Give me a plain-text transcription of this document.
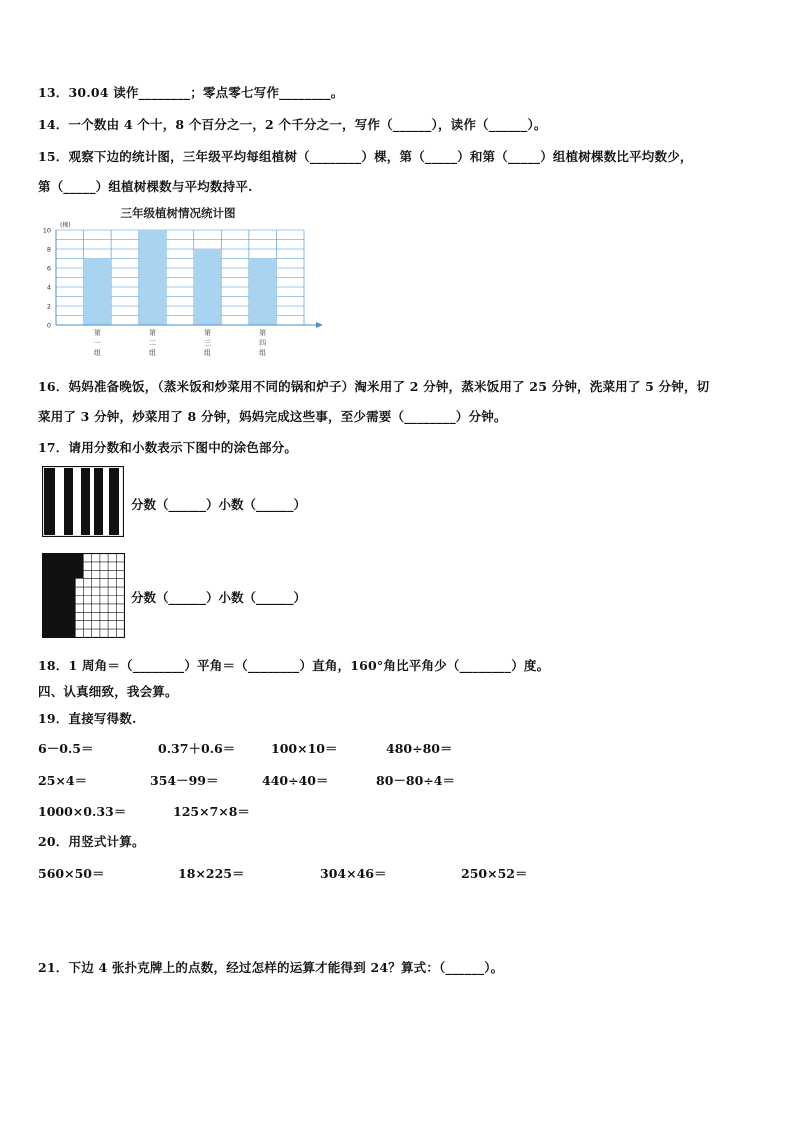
13．30.04 读作________；零点零七写作________。
14．一个数由 4 个十，8 个百分之一，2 个千分之一，写作（______），读作（______）。
15．观察下边的统计图，三年级平均每组植树（________）棵，第（_____）和第（_____）组植树棵数比平均数少，
第（_____）组植树棵数与平均数持平.
三年级植树情况统计图
(棵)
0
2
4
6
8
10
第
一
组
第
二
组
第
三
组
第
四
组
16．妈妈准备晚饭，（蒸米饭和炒菜用不同的锅和炉子）淘米用了 2 分钟，蒸米饭用了 25 分钟，洗菜用了 5 分钟，切
菜用了 3 分钟，炒菜用了 8 分钟，妈妈完成这些事，至少需要（________）分钟。
17．请用分数和小数表示下图中的涂色部分。
分数（______）小数（______）
分数（______）小数（______）
18．1 周角＝（________）平角＝（________）直角，160°角比平角少（________）度。
四、认真细致，我会算。
19．直接写得数.
6－0.5＝	0.37＋0.6＝	100×10＝	480÷80＝
25×4＝	354－99＝	440÷40＝	80－80÷4＝
1000×0.33＝	125×7×8＝
20．用竖式计算。
560×50＝	18×225＝	304×46＝	250×52＝
21．下边 4 张扑克牌上的点数，经过怎样的运算才能得到 24？算式：（______）。
